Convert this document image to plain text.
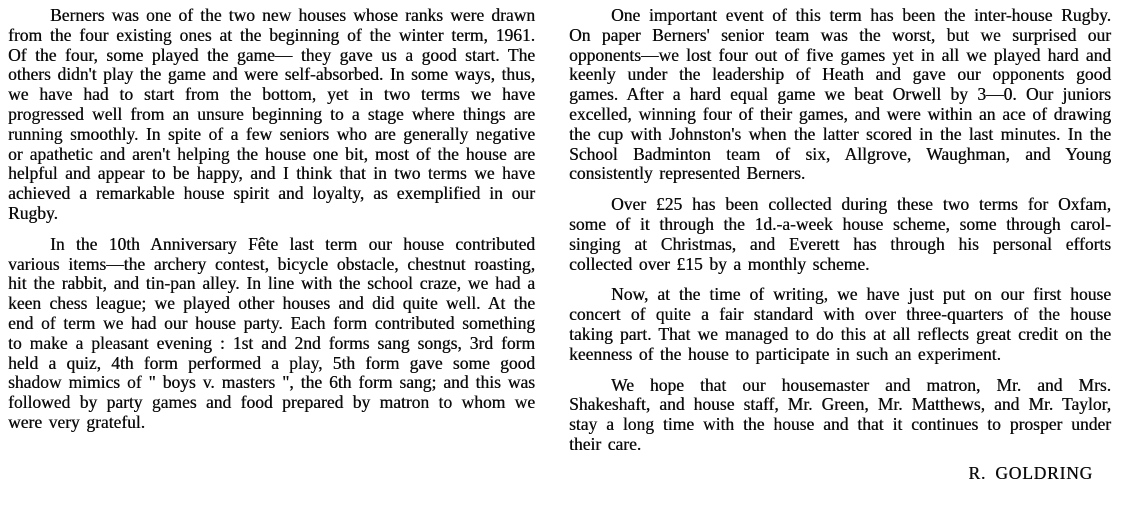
Berners was one of the two new houses whose ranks were drawn from the four existing ones at the beginning of the winter term, 1961. Of the four, some played the game— they gave us a good start. The others didn't play the game and were self-absorbed. In some ways, thus, we have had to start from the bottom, yet in two terms we have progressed well from an unsure beginning to a stage where things are running smoothly. In spite of a few seniors who are generally negative or apathetic and aren't helping the house one bit, most of the house are helpful and appear to be happy, and I think that in two terms we have achieved a remarkable house spirit and loyalty, as exemplified in our Rugby.

In the 10th Anniversary Fête last term our house contributed various items—the archery contest, bicycle obstacle, chestnut roasting, hit the rabbit, and tin-pan alley. In line with the school craze, we had a keen chess league; we played other houses and did quite well. At the end of term we had our house party. Each form contributed something to make a pleasant evening : 1st and 2nd forms sang songs, 3rd form held a quiz, 4th form performed a play, 5th form gave some good shadow mimics of " boys v. masters ", the 6th form sang; and this was followed by party games and food prepared by matron to whom we were very grateful.

One important event of this term has been the inter-house Rugby. On paper Berners' senior team was the worst, but we surprised our opponents—we lost four out of five games yet in all we played hard and keenly under the leadership of Heath and gave our opponents good games. After a hard equal game we beat Orwell by 3—0. Our juniors excelled, winning four of their games, and were within an ace of drawing the cup with Johnston's when the latter scored in the last minutes. In the School Badminton team of six, Allgrove, Waughman, and Young consistently represented Berners.

Over £25 has been collected during these two terms for Oxfam, some of it through the 1d.-a-week house scheme, some through carol-singing at Christmas, and Everett has through his personal efforts collected over £15 by a monthly scheme.

Now, at the time of writing, we have just put on our first house concert of quite a fair standard with over three-quarters of the house taking part. That we managed to do this at all reflects great credit on the keenness of the house to participate in such an experiment.

We hope that our housemaster and matron, Mr. and Mrs. Shakeshaft, and house staff, Mr. Green, Mr. Matthews, and Mr. Taylor, stay a long time with the house and that it continues to prosper under their care.

R. GOLDRING
